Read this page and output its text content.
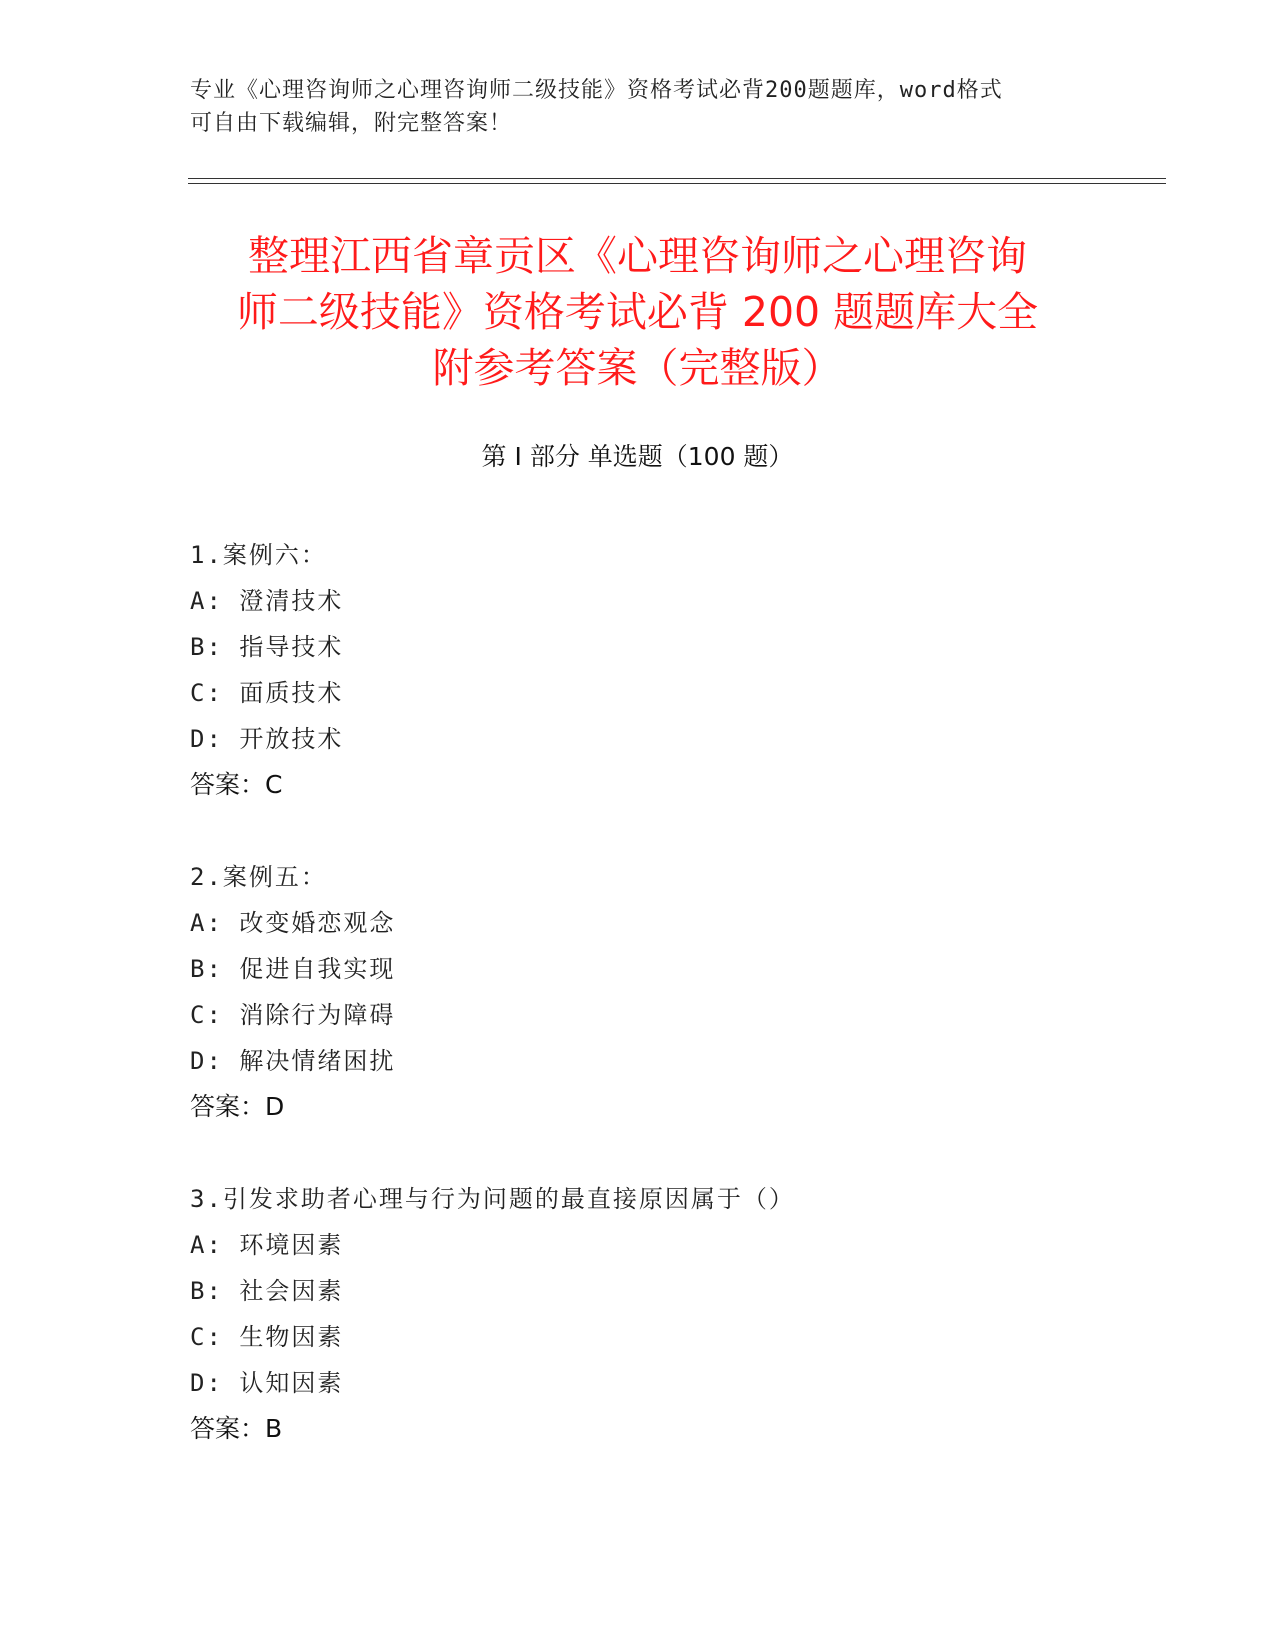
专业《心理咨询师之心理咨询师二级技能》资格考试必背200题题库，word格式
可自由下载编辑，附完整答案！
整理江西省章贡区《心理咨询师之心理咨询
师二级技能》资格考试必背 200 题题库大全
附参考答案（完整版）
第 I 部分 单选题（100 题）
1.案例六：
A: 澄清技术
B: 指导技术
C: 面质技术
D: 开放技术
答案：C
2.案例五：
A: 改变婚恋观念
B: 促进自我实现
C: 消除行为障碍
D: 解决情绪困扰
答案：D
3.引发求助者心理与行为问题的最直接原因属于（）
A: 环境因素
B: 社会因素
C: 生物因素
D: 认知因素
答案：B
